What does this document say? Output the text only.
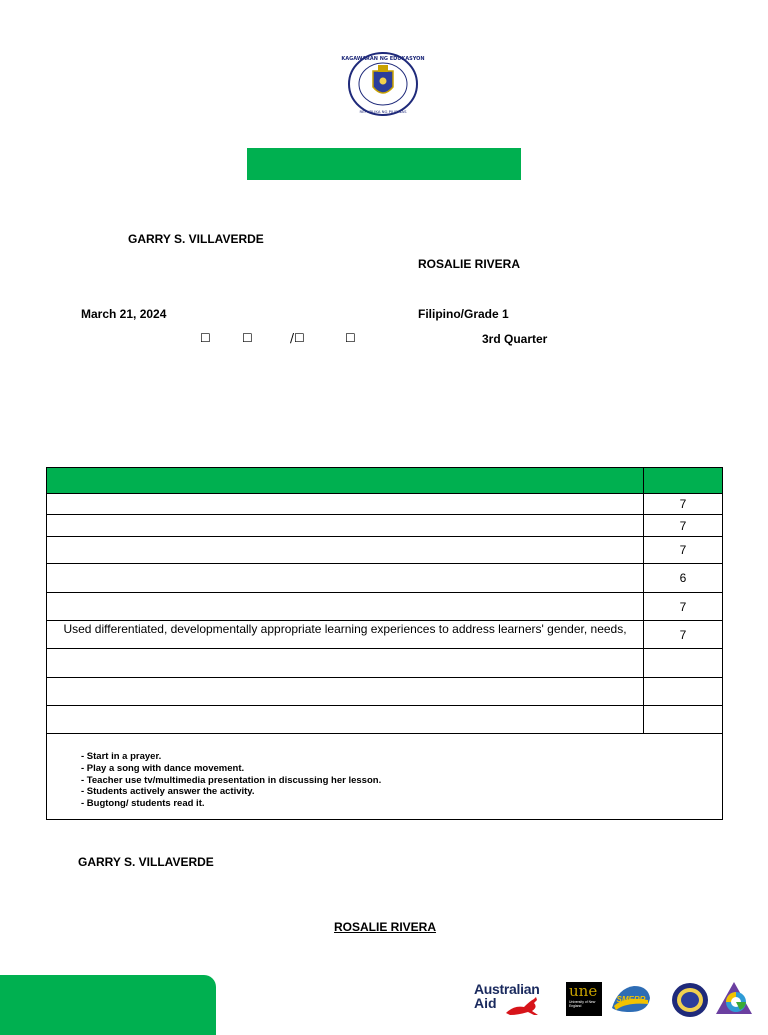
KAGAWARAN NG EDUKASYON
REPUBLIKA NG PILIPINAS
GARRY S. VILLAVERDE
ROSALIE RIVERA
March 21, 2024	Filipino/Grade 1
☐	☐	/☐	☐	3rd Quarter

	7
	7
	7
	6
	7
Used differentiated, developmentally appropriate learning experiences to address learners' gender, needs,	7

- Start in a prayer.
- Play a song with dance movement.
- Teacher use tv/multimedia presentation in discussing her lesson.
- Students actively answer the activity.
- Bugtong/ students read it.	
GARRY S. VILLAVERDE
ROSALIE RIVERA
Australian
Aid
une
University of New England
SMERR
